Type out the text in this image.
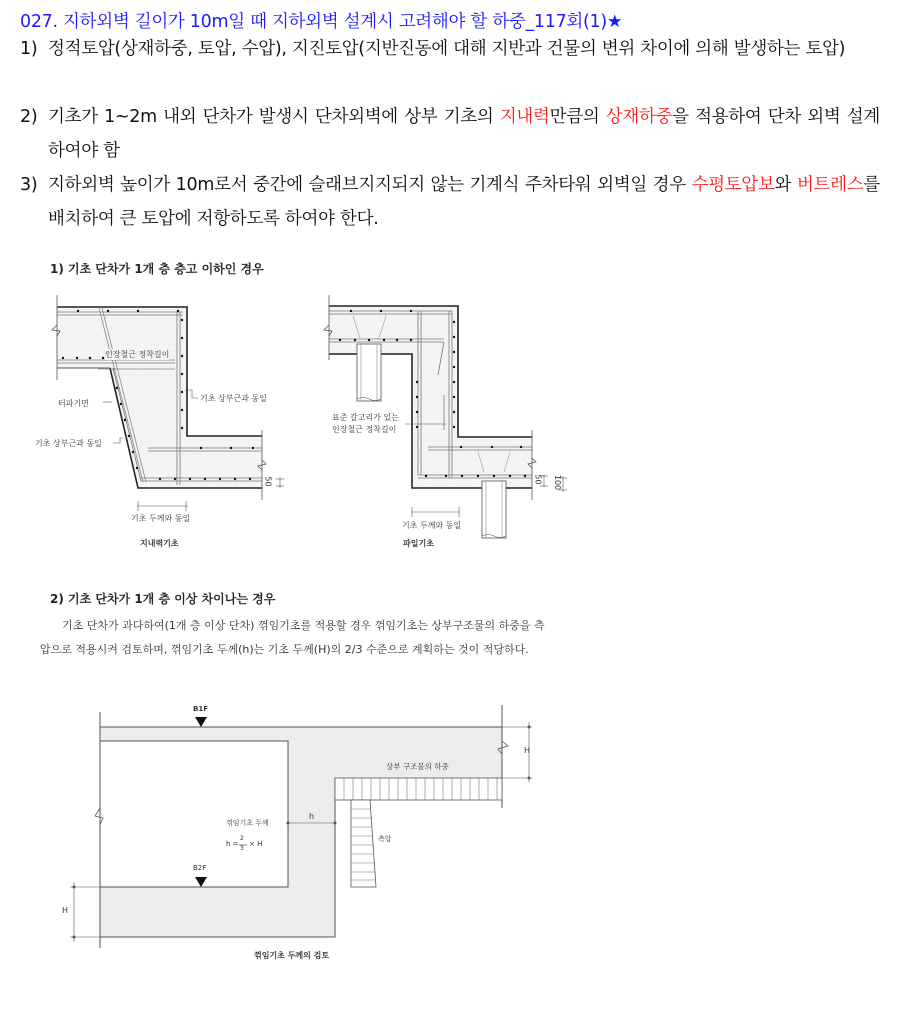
027. 지하외벽 길이가 10m일 때 지하외벽 설계시 고려해야 할 하중_117회(1)★
1) 정적토압(상재하중, 토압, 수압), 지진토압(지반진동에 대해 지반과 건물의 변위 차이에 의해 발생하는 토압)
2) 기초가 1~2m 내외 단차가 발생시 단차외벽에 상부 기초의 지내력만큼의 상재하중을 적용하여 단차 외벽 설계하여야 함
3) 지하외벽 높이가 10m로서 중간에 슬래브지지되지 않는 기계식 주차타워 외벽일 경우 수평토압보와 버트레스를 배치하여 큰 토압에 저항하도록 하여야 한다.
1) 기초 단차가 1개 층 층고 이하인 경우
인장철근 정착길이
터파기면
기초 상부근과 동일
기초 상부근과 동일
50
기초 두께와 동일
지내력기초
표준 갈고리가 있는
인장철근 정착길이
50 100
기초 두께와 동일
파일기초
2) 기초 단차가 1개 층 이상 차이나는 경우
기초 단차가 과다하여(1개 층 이상 단차) 꺾임기초를 적용할 경우 꺾임기초는 상부구조물의 하중을 측압으로 적용시켜 검토하며, 꺾임기초 두께(h)는 기초 두께(H)의 2/3 수준으로 계획하는 것이 적당하다.
B1F
B2F
상부 구조물의 하중
H
H
h
꺾임기초 두께
h =
2
3
× H
측압
꺾임기초 두께의 검토
